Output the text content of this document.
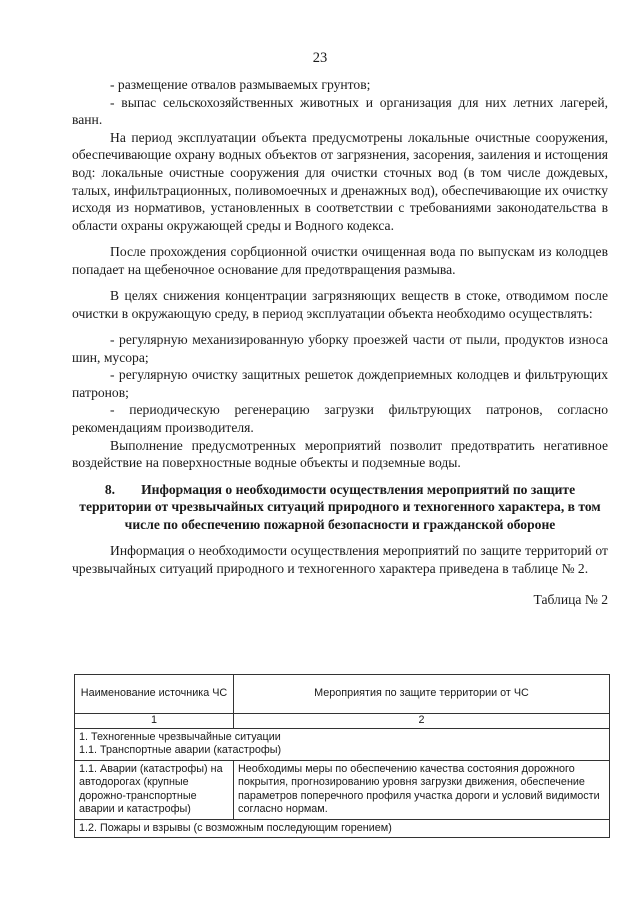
23

- размещение отвалов размываемых грунтов;

- выпас сельскохозяйственных животных и организация для них летних лагерей, ванн.

На период эксплуатации объекта предусмотрены локальные очистные сооружения, обеспечивающие охрану водных объектов от загрязнения, засорения, заиления и истощения вод: локальные очистные сооружения для очистки сточных вод (в том числе дождевых, талых, инфильтрационных, поливомоечных и дренажных вод), обеспечивающие их очистку исходя из нормативов, установленных в соответствии с требованиями законодательства в области охраны окружающей среды и Водного кодекса.

После прохождения сорбционной очистки очищенная вода по выпускам из колодцев попадает на щебеночное основание для предотвращения размыва.

В целях снижения концентрации загрязняющих веществ в стоке, отводимом после очистки в окружающую среду, в период эксплуатации объекта необходимо осуществлять:

- регулярную механизированную уборку проезжей части от пыли, продуктов износа шин, мусора;

- регулярную очистку защитных решеток дождеприемных колодцев и фильтрующих патронов;

- периодическую регенерацию загрузки фильтрующих патронов, согласно рекомендациям производителя.

Выполнение предусмотренных мероприятий позволит предотвратить негативное воздействие на поверхностные водные объекты и подземные воды.

8. Информация о необходимости осуществления мероприятий по защите территории от чрезвычайных ситуаций природного и техногенного характера, в том числе по обеспечению пожарной безопасности и гражданской обороне

Информация о необходимости осуществления мероприятий по защите территорий от чрезвычайных ситуаций природного и техногенного характера приведена в таблице № 2.

Таблица № 2

Наименование источника ЧС	Мероприятия по защите территории от ЧС
1	2

1. Техногенные чрезвычайные ситуации
1.1. Транспортные аварии (катастрофы)	

1.1. Аварии (катастрофы) на автодорогах (крупные дорожно-транспортные аварии и катастрофы)	Необходимы меры по обеспечению качества состояния дорожного покрытия, прогнозированию уровня загрузки движения, обеспечение параметров поперечного профиля участка дороги и условий видимости согласно нормам.
1.2. Пожары и взрывы (с возможным последующим горением)	
